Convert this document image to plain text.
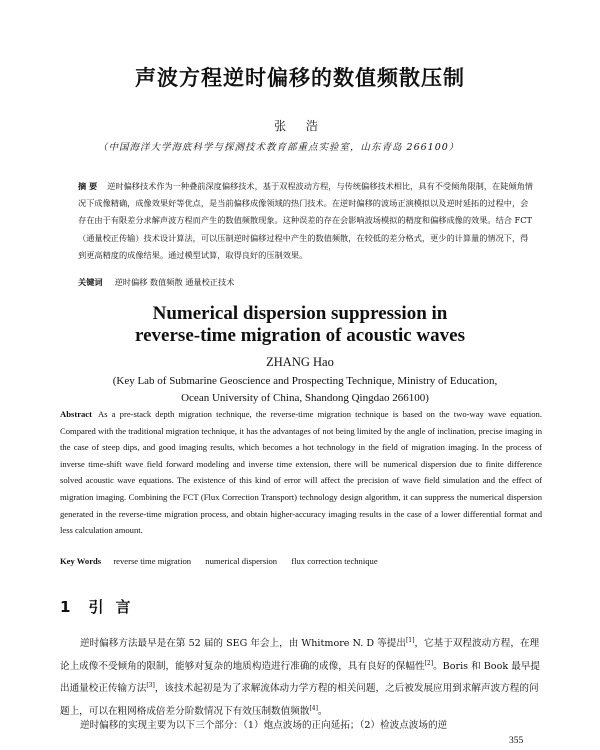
声波方程逆时偏移的数值频散压制
张 浩
（中国海洋大学海底科学与探测技术教育部重点实验室，山东青岛 266100）
摘 要 逆时偏移技术作为一种叠前深度偏移技术，基于双程波动方程，与传统偏移技术相比，具有不受倾角限制，在陡倾角情况下成像精确，成像效果好等优点，是当前偏移成像领域的热门技术。在逆时偏移的波场正演模拟以及逆时延拓的过程中，会存在由于有限差分求解声波方程而产生的数值频散现象。这种误差的存在会影响波场模拟的精度和偏移成像的效果。结合 FCT（通量校正传输）技术设计算法，可以压制逆时偏移过程中产生的数值频散，在较低的差分格式，更少的计算量的情况下，得到更高精度的成像结果。通过模型试算，取得良好的压制效果。
关键词 逆时偏移 数值频散 通量校正技术
Numerical dispersion suppression in
reverse-time migration of acoustic waves
ZHANG Hao
(Key Lab of Submarine Geoscience and Prospecting Technique, Ministry of Education,
Ocean University of China, Shandong Qingdao 266100)
Abstract As a pre-stack depth migration technique, the reverse-time migration technique is based on the two-way wave equation. Compared with the traditional migration technique, it has the advantages of not being limited by the angle of inclination, precise imaging in the case of steep dips, and good imaging results, which becomes a hot technology in the field of migration imaging. In the process of inverse time-shift wave field forward modeling and inverse time extension, there will be numerical dispersion due to finite difference solved acoustic wave equations. The existence of this kind of error will affect the precision of wave field simulation and the effect of migration imaging. Combining the FCT (Flux Correction Transport) technology design algorithm, it can suppress the numerical dispersion generated in the reverse-time migration process, and obtain higher-accuracy imaging results in the case of a lower differential format and less calculation amount.
Key Words reverse time migration numerical dispersion flux correction technique
1 引言
逆时偏移方法最早是在第 52 届的 SEG 年会上，由 Whitmore N. D 等提出[1]，它基于双程波动方程，在理论上成像不受倾角的限制，能够对复杂的地质构造进行准确的成像，具有良好的保幅性[2]。Boris 和 Book 最早提出通量校正传输方法[3]，该技术起初是为了求解流体动力学方程的相关问题，之后被发展应用到求解声波方程的问题上，可以在粗网格成倍差分阶数情况下有效压制数值频散[4]。
逆时偏移的实现主要为以下三个部分：（1）炮点波场的正向延拓；（2）检波点波场的逆
355
